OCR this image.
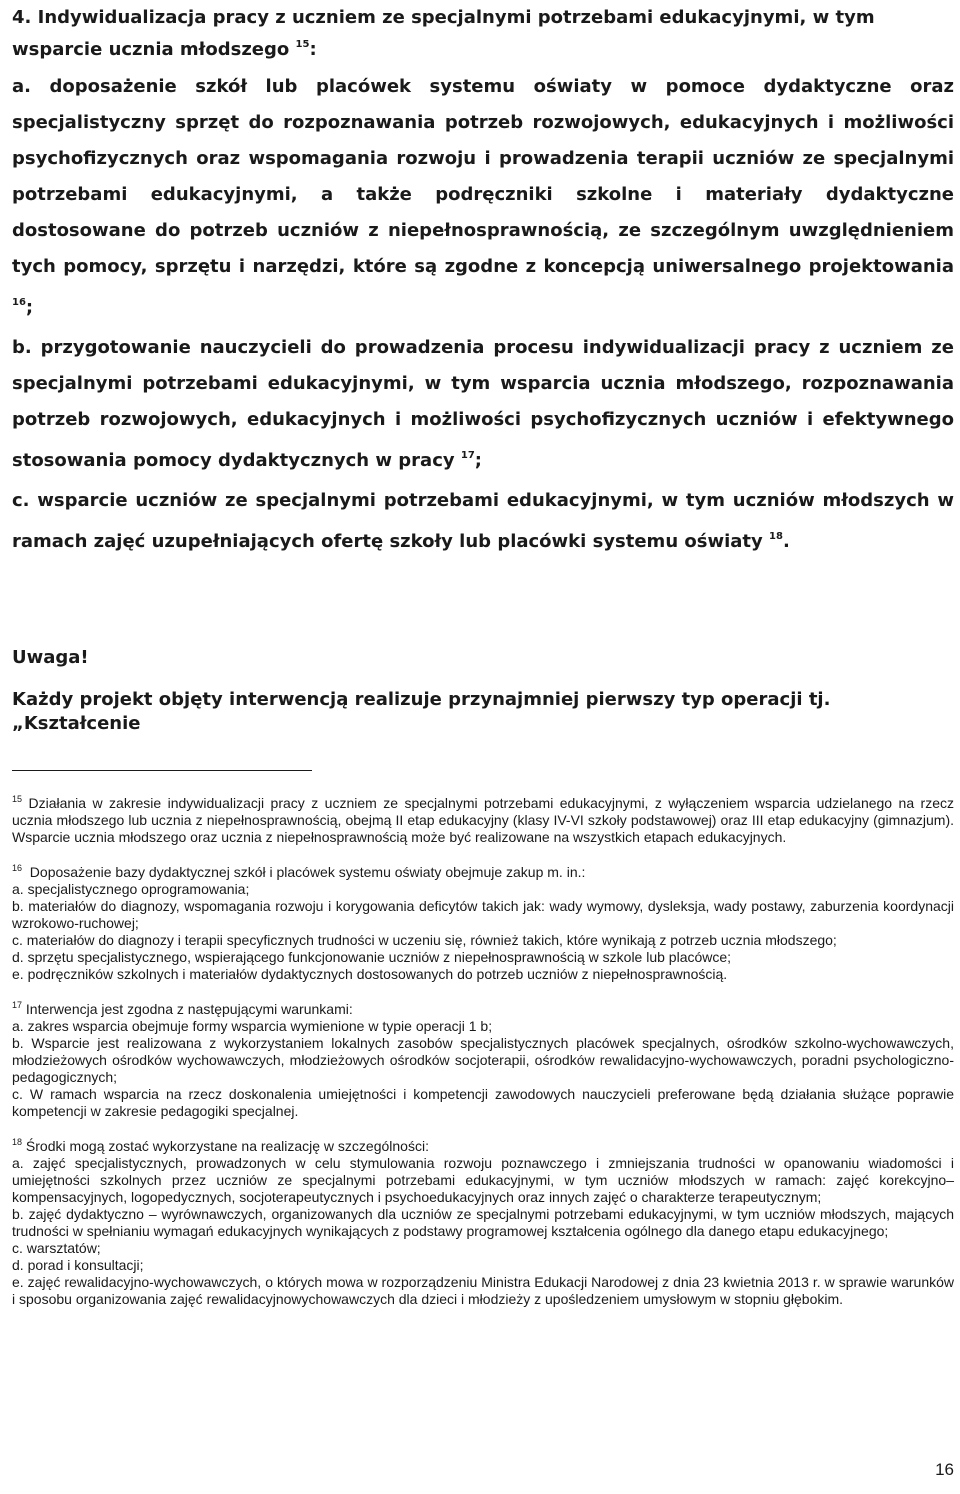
4. Indywidualizacja pracy z uczniem ze specjalnymi potrzebami edukacyjnymi, w tym wsparcie ucznia młodszego $^{15}$:

a. doposażenie szkół lub placówek systemu oświaty w pomoce dydaktyczne oraz specjalistyczny sprzęt do rozpoznawania potrzeb rozwojowych, edukacyjnych i możliwości psychofizycznych oraz wspomagania rozwoju i prowadzenia terapii uczniów ze specjalnymi potrzebami edukacyjnymi, a także podręczniki szkolne i materiały dydaktyczne dostosowane do potrzeb uczniów z niepełnosprawnością, ze szczególnym uwzględnieniem tych pomocy, sprzętu i narzędzi, które są zgodne z koncepcją uniwersalnego projektowania $^{16}$;

b. przygotowanie nauczycieli do prowadzenia procesu indywidualizacji pracy z uczniem ze specjalnymi potrzebami edukacyjnymi, w tym wsparcia ucznia młodszego, rozpoznawania potrzeb rozwojowych, edukacyjnych i możliwości psychofizycznych uczniów i efektywnego stosowania pomocy dydaktycznych w pracy $^{17}$;

c. wsparcie uczniów ze specjalnymi potrzebami edukacyjnymi, w tym uczniów młodszych w ramach zajęć uzupełniających ofertę szkoły lub placówki systemu oświaty $^{18}$.

Uwaga!

Każdy projekt objęty interwencją realizuje przynajmniej pierwszy typ operacji tj. „Kształcenie

$^{15}$ Działania w zakresie indywidualizacji pracy z uczniem ze specjalnymi potrzebami edukacyjnymi, z wyłączeniem wsparcia udzielanego na rzecz ucznia młodszego lub ucznia z niepełnosprawnością, obejmą II etap edukacyjny (klasy IV-VI szkoły podstawowej) oraz III etap edukacyjny (gimnazjum). Wsparcie ucznia młodszego oraz ucznia z niepełnosprawnością może być realizowane na wszystkich etapach edukacyjnych.

$^{16}$ Doposażenie bazy dydaktycznej szkół i placówek systemu oświaty obejmuje zakup m. in.:

a. specjalistycznego oprogramowania;

b. materiałów do diagnozy, wspomagania rozwoju i korygowania deficytów takich jak: wady wymowy, dysleksja, wady postawy, zaburzenia koordynacji wzrokowo-ruchowej;

c. materiałów do diagnozy i terapii specyficznych trudności w uczeniu się, również takich, które wynikają z potrzeb ucznia młodszego;

d. sprzętu specjalistycznego, wspierającego funkcjonowanie uczniów z niepełnosprawnością w szkole lub placówce;

e. podręczników szkolnych i materiałów dydaktycznych dostosowanych do potrzeb uczniów z niepełnosprawnością.

$^{17}$ Interwencja jest zgodna z następującymi warunkami:

a. zakres wsparcia obejmuje formy wsparcia wymienione w typie operacji 1 b;

b. Wsparcie jest realizowana z wykorzystaniem lokalnych zasobów specjalistycznych placówek specjalnych, ośrodków szkolno-wychowawczych, młodzieżowych ośrodków wychowawczych, młodzieżowych ośrodków socjoterapii, ośrodków rewalidacyjno-wychowawczych, poradni psychologiczno-pedagogicznych;

c. W ramach wsparcia na rzecz doskonalenia umiejętności i kompetencji zawodowych nauczycieli preferowane będą działania służące poprawie kompetencji w zakresie pedagogiki specjalnej.

$^{18}$ Środki mogą zostać wykorzystane na realizację w szczególności:

a. zajęć specjalistycznych, prowadzonych w celu stymulowania rozwoju poznawczego i zmniejszania trudności w opanowaniu wiadomości i umiejętności szkolnych przez uczniów ze specjalnymi potrzebami edukacyjnymi, w tym uczniów młodszych w ramach: zajęć korekcyjno–kompensacyjnych, logopedycznych, socjoterapeutycznych i psychoedukacyjnych oraz innych zajęć o charakterze terapeutycznym;

b. zajęć dydaktyczno – wyrównawczych, organizowanych dla uczniów ze specjalnymi potrzebami edukacyjnymi, w tym uczniów młodszych, mających trudności w spełnianiu wymagań edukacyjnych wynikających z podstawy programowej kształcenia ogólnego dla danego etapu edukacyjnego;

c. warsztatów;

d. porad i konsultacji;

e. zajęć rewalidacyjno-wychowawczych, o których mowa w rozporządzeniu Ministra Edukacji Narodowej z dnia 23 kwietnia 2013 r. w sprawie warunków i sposobu organizowania zajęć rewalidacyjnowychowawczych dla dzieci i młodzieży z upośledzeniem umysłowym w stopniu głębokim.

16
